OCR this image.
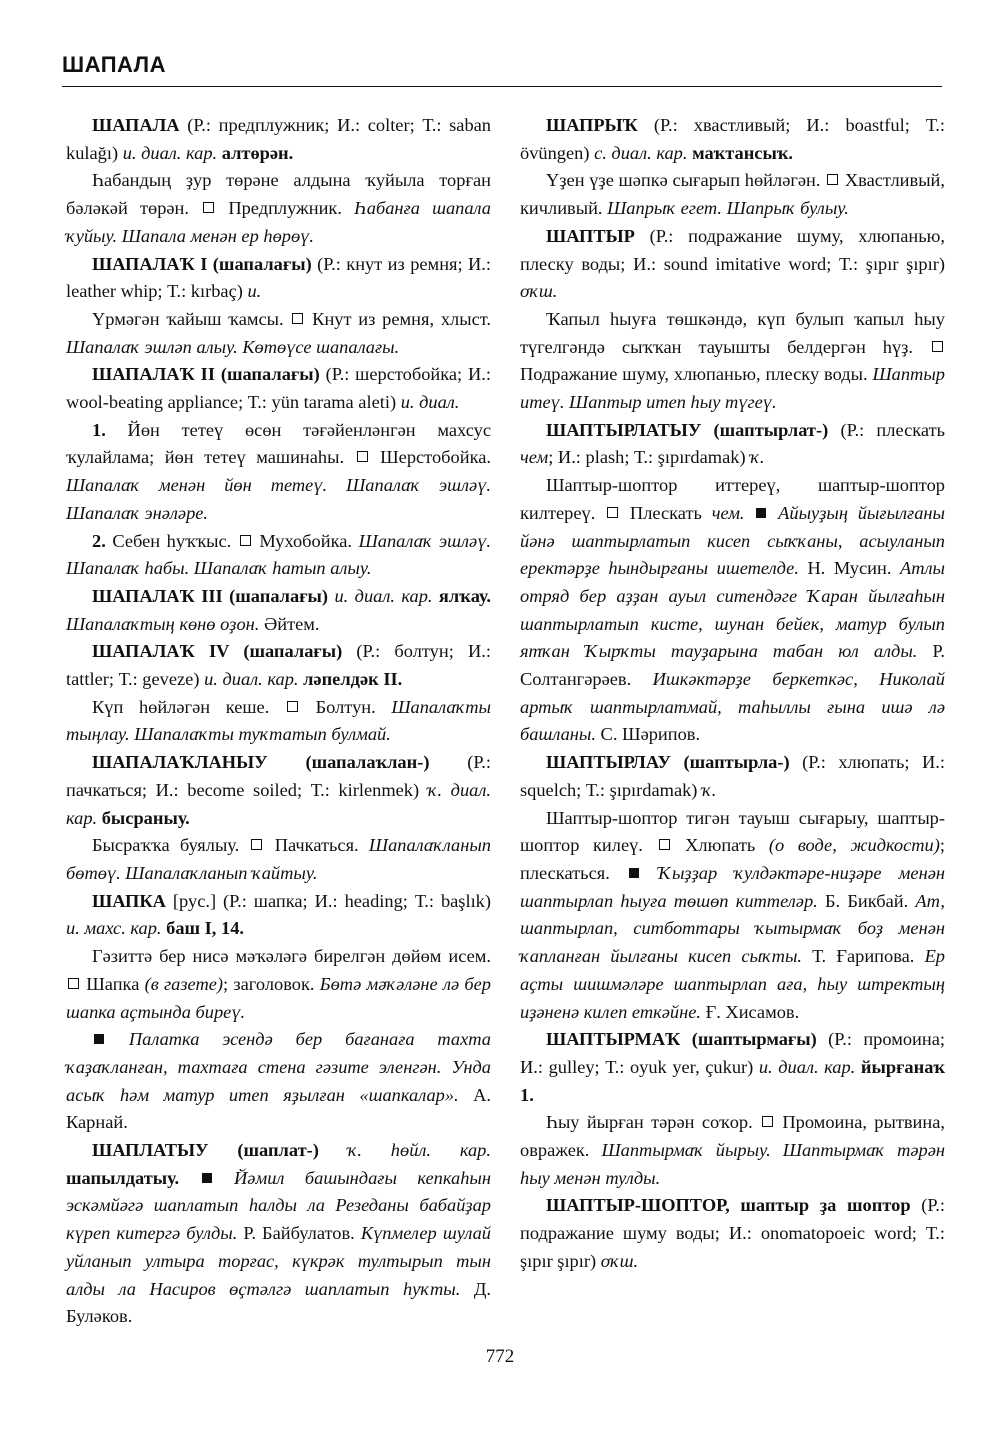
ШАПАЛА

ШАПАЛА (Р.: предплужник; И.: colter; Т.: saban kulağı) и. диал. кар. алтөрән.

Һабандың ҙур төрәне алдына ҡуйыла торған бәләкәй төрән.  Предплужник. Һабанға шапала ҡуйыу. Шапала менән ер һөрөү.

ШАПАЛАҠ I (шапалағы) (Р.: кнут из ремня; И.: leather whip; Т.: kırbaç) и.

Үрмәгән ҡайыш ҡамсы.  Кнут из ремня, хлыст. Шапалаҡ эшләп алыу. Көтөүсе шапалағы.

ШАПАЛАҠ II (шапалағы) (Р.: шерстобойка; И.: wool-beating appliance; Т.: yün tarama aleti) и. диал.

1. Йөн тетеү өсөн тәғәйенләнгән махсус ҡулайлама; йөн тетеү машинаһы.  Шерстобойка. Шапалаҡ менән йөн тетеү. Шапалаҡ эшләү. Шапалаҡ энәләре.

2. Себен һуҡҡыс.  Мухобойка. Шапалаҡ эшләү. Шапалаҡ һабы. Шапалаҡ һатып алыу.

ШАПАЛАҠ III (шапалағы) и. диал. кар. ялҡау. Шапалаҡтың көнө оҙон. Әйтем.

ШАПАЛАҠ IV (шапалағы) (Р.: болтун; И.: tattler; Т.: geveze) и. диал. кар. ләпелдәк II.

Күп һөйләгән кеше.  Болтун. Шапалаҡты тыңлау. Шапалаҡты туҡтатып булмай.

ШАПАЛАҠЛАНЫУ (шапалаҡлан-) (Р.: пачкаться; И.: become soiled; Т.: kirlenmek) ҡ. диал. кар. бысраныу.

Бысраҡҡа буялыу.  Пачкаться. Шапалаҡланып бөтөү. Шапалаҡланып ҡайтыу.

ШАПКА [рус.] (Р.: шапка; И.: heading; Т.: başlık) и. махс. кар. баш I, 14.

Гәзиттә бер нисә мәҡәләгә бирелгән дөйөм исем.  Шапка (в газете); заголовок. Бөтә мәҡәләне лә бер шапка аҫтында биреү.

Палатка эсендә бер бағанаға тахта ҡаҙаҡланған, тахтаға стена гәзите эленгән. Унда асыҡ һәм матур итеп яҙылған «шапкалар». А. Карнай.

ШАПЛАТЫУ (шаплат-) ҡ. һөйл. кар. шапылдатыу.  Йәмил башындағы кепкаһын эскәмйәгә шаплатып һалды ла Резеданы бабайҙар күреп китергә булды. Р. Байбулатов. Күпмелер шулай уйланып ултыра торғас, күкрәк тултырып тын алды ла Насиров өҫтәлгә шаплатып һуҡты. Д. Буләков.

ШАПРЫҠ (Р.: хвастливый; И.: boastful; Т.: övüngen) с. диал. кар. маҡтансыҡ.

Үҙен үҙе шәпкә сығарып һөйләгән.  Хвастливый, кичливый. Шапрыҡ егет. Шапрыҡ булыу.

ШАПТЫР (Р.: подражание шуму, хлюпанью, плеску воды; И.: sound imitative word; Т.: şıpır şıpır) оҡш.

Ҡапыл һыуға төшкәндә, күп булып ҡапыл һыу түгелгәндә сыҡҡан тауышты белдергән һүҙ.  Подражание шуму, хлюпанью, плеску воды. Шаптыр итеү. Шаптыр итеп һыу түгеү.

ШАПТЫРЛАТЫУ (шаптырлат-) (Р.: плескать чем; И.: plash; Т.: şıpırdamak) ҡ.

Шаптыр-шоптор иттереү, шаптыр-шоптор килтереү.  Плескать чем.  Айыуҙың йығылғаны йәнә шаптырлатып кисеп сыҡҡаны, асыуланып еректәрҙе һындырғаны ишетелде. Н. Мусин. Атлы отряд бер аҙҙан ауыл ситендәге Ҡаран йылғаһын шаптырлатып кисте, шунан бейек, матур булып ятҡан Ҡырҡты тауҙарына табан юл алды. Р. Солтангәрәев. Ишкәктәрҙе беркеткәс, Николай артыҡ шаптырлатмай, таһыллы ғына ишә лә башланы. С. Шәрипов.

ШАПТЫРЛАУ (шаптырла-) (Р.: хлюпать; И.: squelch; Т.: şıpırdamak) ҡ.

Шаптыр-шоптор тигән тауыш сығарыу, шаптыр-шоптор килеү.  Хлюпать (о воде, жидкости); плескаться.  Ҡыҙҙар ҡулдәктәре-ниҙәре менән шаптырлап һыуға төшөп киттеләр. Б. Бикбай. Ат, шаптырлап, ситботтары ҡытырмаҡ боҙ менән ҡапланған йылғаны кисеп сыҡты. Т. Ғарипова. Ер аҫты шишмәләре шаптырлап аға, һыу штректың иҙәненә килеп еткәйне. Ғ. Хисамов.

ШАПТЫРМАҠ (шаптырмағы) (Р.: промоина; И.: gulley; Т.: oyuk yer, çukur) и. диал. кар. йырғанаҡ 1.

Һыу йырған тәрән соҡор.  Промоина, рытвина, овражек. Шаптырмаҡ йырыу. Шаптырмаҡ тәрән һыу менән тулды.

ШАПТЫР-ШОПТОР, шаптыр ҙа шоптор (Р.: подражание шуму воды; И.: onomatopoeic word; Т.: şıpır şıpır) оҡш.

772
